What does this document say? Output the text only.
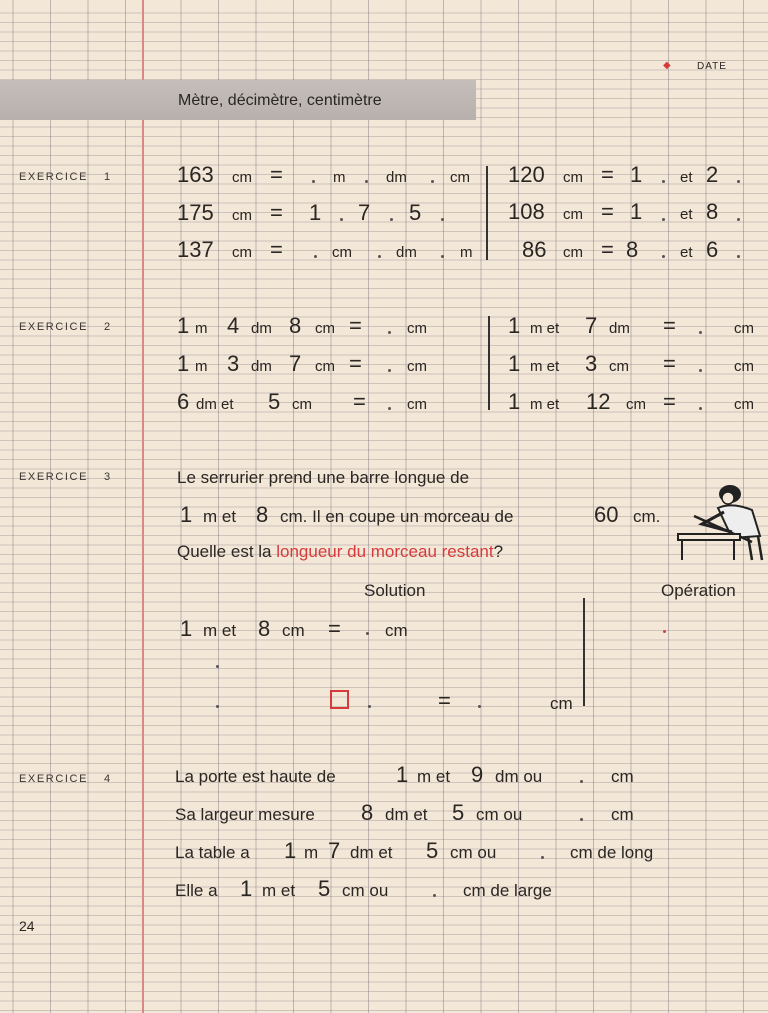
◆	DATE
Mètre, décimètre, centimètre
EXERCICE 1	163 cm =	m	dm	cm
175 cm = 1 7 5
137 cm =	cm	dm	m
120 cm = 1	et 2
108 cm = 1	et 8
86 cm = 8	et 6
EXERCICE 2	1 m 4 dm 8 cm =	cm
1 m 3 dm 7 cm =	cm
6 dm et 5 cm =	cm
1 m et 7 dm =	cm
1 m et 3 cm =	cm
1 m et 12 cm =	cm
EXERCICE 3	Le serrurier prend une barre longue de
1 m et 8 cm. Il en coupe un morceau de	60 cm.
Quelle est la longueur du morceau restant?
Solution	Opération
1 m et 8 cm =	cm
=	cm
EXERCICE 4	La porte est haute de	1 m et 9 dm ou	cm
Sa largeur mesure 8 dm et 5 cm ou	cm
La table a 1 m 7 dm et 5 cm ou	cm de long
Elle a 1 m et 5 cm ou	cm de large
24
